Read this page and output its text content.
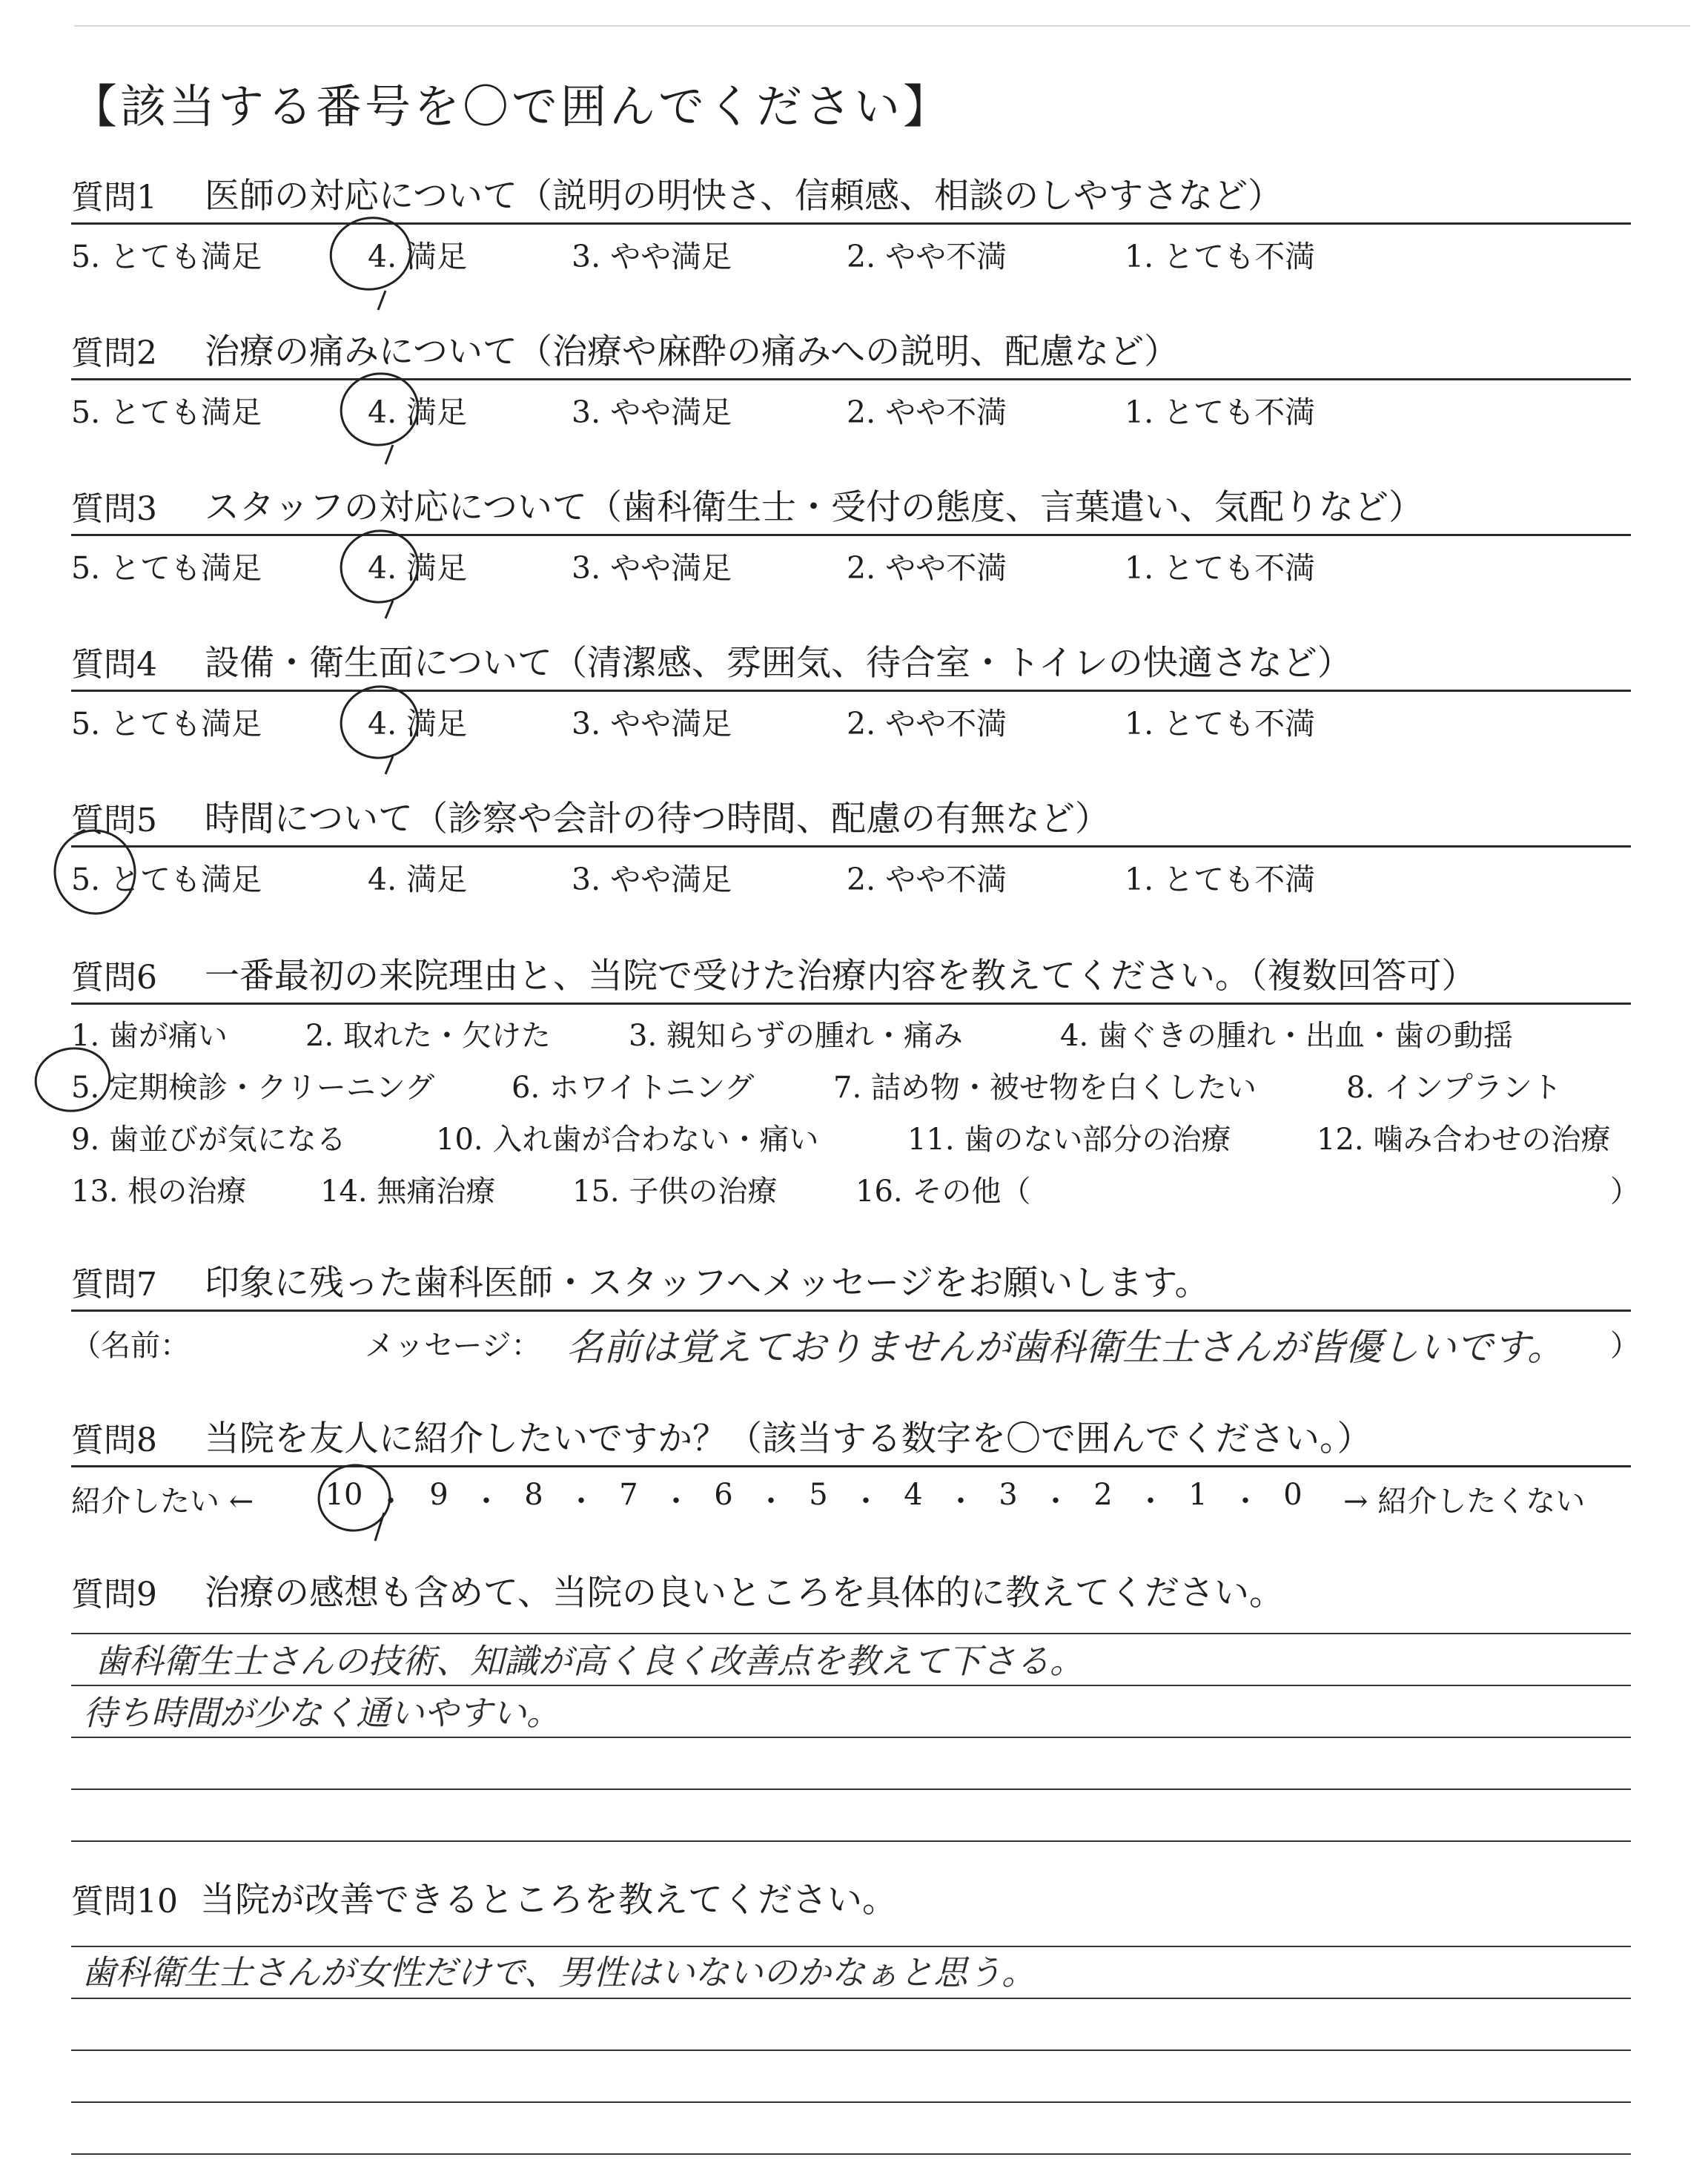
【該当する番号を〇で囲んでください】
質問1 医師の対応について（説明の明快さ、信頼感、相談のしやすさなど）
5. とても満足	4. 満足	3. やや満足	2. やや不満	1. とても不満
質問2 治療の痛みについて（治療や麻酔の痛みへの説明、配慮など）
5. とても満足	4. 満足	3. やや満足	2. やや不満	1. とても不満
質問3 スタッフの対応について（歯科衛生士・受付の態度、言葉遣い、気配りなど）
5. とても満足	4. 満足	3. やや満足	2. やや不満	1. とても不満
質問4 設備・衛生面について（清潔感、雰囲気、待合室・トイレの快適さなど）
5. とても満足	4. 満足	3. やや満足	2. やや不満	1. とても不満
質問5 時間について（診察や会計の待つ時間、配慮の有無など）
5. とても満足	4. 満足	3. やや満足	2. やや不満	1. とても不満
質問6 一番最初の来院理由と、当院で受けた治療内容を教えてください。（複数回答可）
1. 歯が痛い	2. 取れた・欠けた	3. 親知らずの腫れ・痛み	4. 歯ぐきの腫れ・出血・歯の動揺
5. 定期検診・クリーニング	6. ホワイトニング	7. 詰め物・被せ物を白くしたい	8. インプラント
9. 歯並びが気になる	10. 入れ歯が合わない・痛い	11. 歯のない部分の治療	12. 噛み合わせの治療
13. 根の治療 14. 無痛治療	15. 子供の治療	16. その他（	）
質問7 印象に残った歯科医師・スタッフへメッセージをお願いします。
（名前：	メッセージ： 名前は覚えておりませんが歯科衛生士さんが皆優しいです。 ）
質問8 当院を友人に紹介したいですか？（該当する数字を〇で囲んでください。）
紹介したい ← 10 ・ 9 ・ 8 ・ 7 ・ 6 ・ 5 ・ 4 ・ 3 ・ 2 ・ 1 ・ 0	→ 紹介したくない
質問9 治療の感想も含めて、当院の良いところを具体的に教えてください。
歯科衛生士さんの技術、知識が高く良く改善点を教えて下さる。
待ち時間が少なく通いやすい。
質問10 当院が改善できるところを教えてください。
歯科衛生士さんが女性だけで、男性はいないのかなぁと思う。
